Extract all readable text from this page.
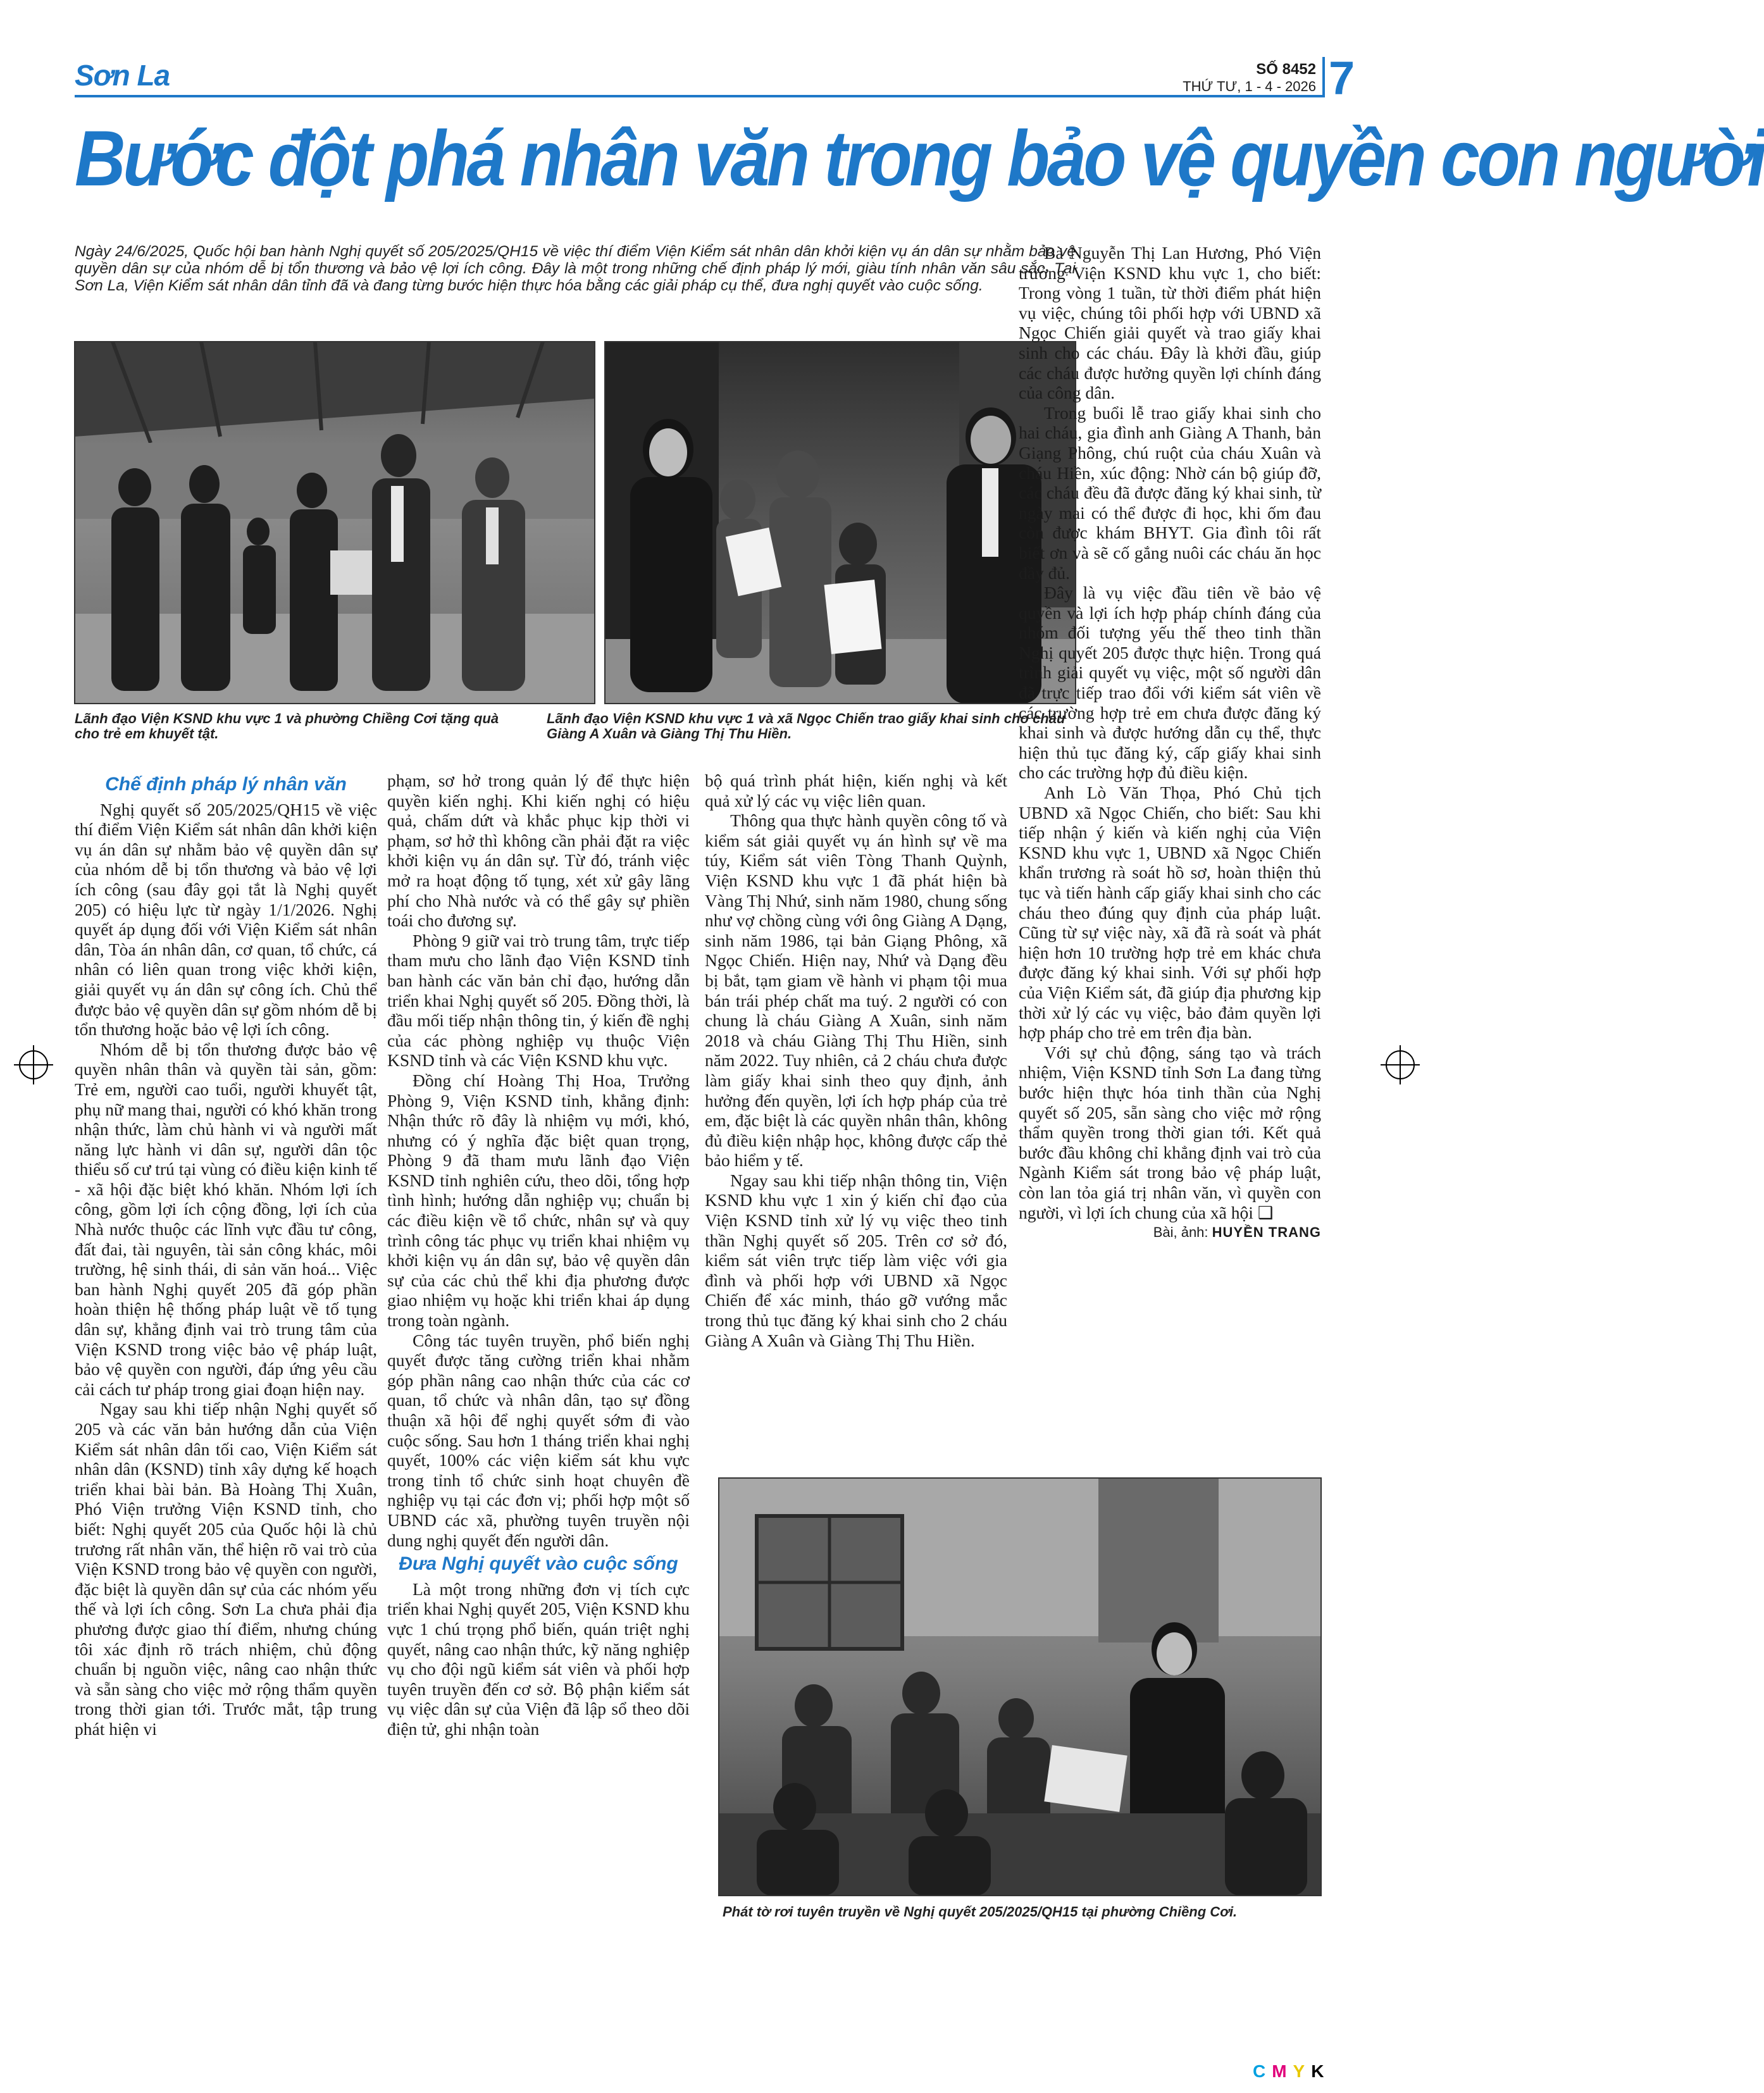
Sơn La	SỐ 8452
THỨ TƯ, 1 - 4 - 2026 7
Bước đột phá nhân văn trong bảo vệ quyền con người
Ngày 24/6/2025, Quốc hội ban hành Nghị quyết số 205/2025/QH15 về việc thí điểm Viện Kiểm sát nhân dân khởi kiện vụ án dân sự nhằm bảo vệ quyền dân sự của nhóm dễ bị tổn thương và bảo vệ lợi ích công. Đây là một trong những chế định pháp lý mới, giàu tính nhân văn sâu sắc. Tại Sơn La, Viện Kiểm sát nhân dân tỉnh đã và đang từng bước hiện thực hóa bằng các giải pháp cụ thể, đưa nghị quyết vào cuộc sống.
Lãnh đạo Viện KSND khu vực 1 và phường Chiềng Cơi tặng quà cho trẻ em khuyết tật.
Lãnh đạo Viện KSND khu vực 1 và xã Ngọc Chiến trao giấy khai sinh cho cháu Giàng A Xuân và Giàng Thị Thu Hiền.

Chế định pháp lý nhân văn

Nghị quyết số 205/2025/QH15 về việc thí điểm Viện Kiểm sát nhân dân khởi kiện vụ án dân sự nhằm bảo vệ quyền dân sự của nhóm dễ bị tổn thương và bảo vệ lợi ích công (sau đây gọi tắt là Nghị quyết 205) có hiệu lực từ ngày 1/1/2026. Nghị quyết áp dụng đối với Viện Kiểm sát nhân dân, Tòa án nhân dân, cơ quan, tổ chức, cá nhân có liên quan trong việc khởi kiện, giải quyết vụ án dân sự công ích. Chủ thể được bảo vệ quyền dân sự gồm nhóm dễ bị tổn thương hoặc bảo vệ lợi ích công.

Nhóm dễ bị tổn thương được bảo vệ quyền nhân thân và quyền tài sản, gồm: Trẻ em, người cao tuổi, người khuyết tật, phụ nữ mang thai, người có khó khăn trong nhận thức, làm chủ hành vi và người mất năng lực hành vi dân sự, người dân tộc thiểu số cư trú tại vùng có điều kiện kinh tế - xã hội đặc biệt khó khăn. Nhóm lợi ích công, gồm lợi ích cộng đồng, lợi ích của Nhà nước thuộc các lĩnh vực đầu tư công, đất đai, tài nguyên, tài sản công khác, môi trường, hệ sinh thái, di sản văn hoá... Việc ban hành Nghị quyết 205 đã góp phần hoàn thiện hệ thống pháp luật về tố tụng dân sự, khẳng định vai trò trung tâm của Viện KSND trong việc bảo vệ pháp luật, bảo vệ quyền con người, đáp ứng yêu cầu cải cách tư pháp trong giai đoạn hiện nay.

Ngay sau khi tiếp nhận Nghị quyết số 205 và các văn bản hướng dẫn của Viện Kiểm sát nhân dân tối cao, Viện Kiểm sát nhân dân (KSND) tỉnh xây dựng kế hoạch triển khai bài bản. Bà Hoàng Thị Xuân, Phó Viện trưởng Viện KSND tỉnh, cho biết: Nghị quyết 205 của Quốc hội là chủ trương rất nhân văn, thể hiện rõ vai trò của Viện KSND trong bảo vệ quyền con người, đặc biệt là quyền dân sự của các nhóm yếu thế và lợi ích công. Sơn La chưa phải địa phương được giao thí điểm, nhưng chúng tôi xác định rõ trách nhiệm, chủ động chuẩn bị nguồn việc, nâng cao nhận thức và sẵn sàng cho việc mở rộng thẩm quyền trong thời gian tới. Trước mắt, tập trung phát hiện vi

phạm, sơ hở trong quản lý để thực hiện quyền kiến nghị. Khi kiến nghị có hiệu quả, chấm dứt và khắc phục kịp thời vi phạm, sơ hở thì không cần phải đặt ra việc khởi kiện vụ án dân sự. Từ đó, tránh việc mở ra hoạt động tố tụng, xét xử gây lãng phí cho Nhà nước và có thể gây sự phiền toái cho đương sự.

Phòng 9 giữ vai trò trung tâm, trực tiếp tham mưu cho lãnh đạo Viện KSND tỉnh ban hành các văn bản chỉ đạo, hướng dẫn triển khai Nghị quyết số 205. Đồng thời, là đầu mối tiếp nhận thông tin, ý kiến đề nghị của các phòng nghiệp vụ thuộc Viện KSND tỉnh và các Viện KSND khu vực.

Đồng chí Hoàng Thị Hoa, Trưởng Phòng 9, Viện KSND tỉnh, khẳng định: Nhận thức rõ đây là nhiệm vụ mới, khó, nhưng có ý nghĩa đặc biệt quan trọng, Phòng 9 đã tham mưu lãnh đạo Viện KSND tỉnh nghiên cứu, theo dõi, tổng hợp tình hình; hướng dẫn nghiệp vụ; chuẩn bị các điều kiện về tổ chức, nhân sự và quy trình công tác phục vụ triển khai nhiệm vụ khởi kiện vụ án dân sự, bảo vệ quyền dân sự của các chủ thể khi địa phương được giao nhiệm vụ hoặc khi triển khai áp dụng trong toàn ngành.

Công tác tuyên truyền, phổ biến nghị quyết được tăng cường triển khai nhằm góp phần nâng cao nhận thức của các cơ quan, tổ chức và nhân dân, tạo sự đồng thuận xã hội để nghị quyết sớm đi vào cuộc sống. Sau hơn 1 tháng triển khai nghị quyết, 100% các viện kiểm sát khu vực trong tỉnh tổ chức sinh hoạt chuyên đề nghiệp vụ tại các đơn vị; phối hợp một số UBND các xã, phường tuyên truyền nội dung nghị quyết đến người dân.

Đưa Nghị quyết vào cuộc sống

Là một trong những đơn vị tích cực triển khai Nghị quyết 205, Viện KSND khu vực 1 chú trọng phổ biến, quán triệt nghị quyết, nâng cao nhận thức, kỹ năng nghiệp vụ cho đội ngũ kiểm sát viên và phối hợp tuyên truyền đến cơ sở. Bộ phận kiểm sát vụ việc dân sự của Viện đã lập sổ theo dõi điện tử, ghi nhận toàn

bộ quá trình phát hiện, kiến nghị và kết quả xử lý các vụ việc liên quan.

Thông qua thực hành quyền công tố và kiểm sát giải quyết vụ án hình sự về ma túy, Kiểm sát viên Tòng Thanh Quỳnh, Viện KSND khu vực 1 đã phát hiện bà Vàng Thị Nhứ, sinh năm 1980, chung sống như vợ chồng cùng với ông Giàng A Dạng, sinh năm 1986, tại bản Giạng Phông, xã Ngọc Chiến. Hiện nay, Nhứ và Dạng đều bị bắt, tạm giam về hành vi phạm tội mua bán trái phép chất ma tuý. 2 người có con chung là cháu Giàng A Xuân, sinh năm 2018 và cháu Giàng Thị Thu Hiền, sinh năm 2022. Tuy nhiên, cả 2 cháu chưa được làm giấy khai sinh theo quy định, ảnh hưởng đến quyền, lợi ích hợp pháp của trẻ em, đặc biệt là các quyền nhân thân, không đủ điều kiện nhập học, không được cấp thẻ bảo hiểm y tế.

Ngay sau khi tiếp nhận thông tin, Viện KSND khu vực 1 xin ý kiến chỉ đạo của Viện KSND tỉnh xử lý vụ việc theo tinh thần Nghị quyết số 205. Trên cơ sở đó, kiểm sát viên trực tiếp làm việc với gia đình và phối hợp với UBND xã Ngọc Chiến để xác minh, tháo gỡ vướng mắc trong thủ tục đăng ký khai sinh cho 2 cháu Giàng A Xuân và Giàng Thị Thu Hiền.

Bà Nguyễn Thị Lan Hương, Phó Viện trưởng Viện KSND khu vực 1, cho biết: Trong vòng 1 tuần, từ thời điểm phát hiện vụ việc, chúng tôi phối hợp với UBND xã Ngọc Chiến giải quyết và trao giấy khai sinh cho các cháu. Đây là khởi đầu, giúp các cháu được hưởng quyền lợi chính đáng của công dân.

Trong buổi lễ trao giấy khai sinh cho hai cháu, gia đình anh Giàng A Thanh, bản Giạng Phông, chú ruột của cháu Xuân và cháu Hiền, xúc động: Nhờ cán bộ giúp đỡ, các cháu đều đã được đăng ký khai sinh, từ ngày mai có thể được đi học, khi ốm đau còn được khám BHYT. Gia đình tôi rất biết ơn và sẽ cố gắng nuôi các cháu ăn học đầy đủ.

Đây là vụ việc đầu tiên về bảo vệ quyền và lợi ích hợp pháp chính đáng của nhóm đối tượng yếu thế theo tinh thần Nghị quyết 205 được thực hiện. Trong quá trình giải quyết vụ việc, một số người dân đã trực tiếp trao đổi với kiểm sát viên về các trường hợp trẻ em chưa được đăng ký khai sinh và được hướng dẫn cụ thể, thực hiện thủ tục đăng ký, cấp giấy khai sinh cho các trường hợp đủ điều kiện.

Anh Lò Văn Thọa, Phó Chủ tịch UBND xã Ngọc Chiến, cho biết: Sau khi tiếp nhận ý kiến và kiến nghị của Viện KSND khu vực 1, UBND xã Ngọc Chiến khẩn trương rà soát hồ sơ, hoàn thiện thủ tục và tiến hành cấp giấy khai sinh cho các cháu theo đúng quy định của pháp luật. Cũng từ sự việc này, xã đã rà soát và phát hiện hơn 10 trường hợp trẻ em khác chưa được đăng ký khai sinh. Với sự phối hợp của Viện Kiểm sát, đã giúp địa phương kịp thời xử lý các vụ việc, bảo đảm quyền lợi hợp pháp cho trẻ em trên địa bàn.

Với sự chủ động, sáng tạo và trách nhiệm, Viện KSND tỉnh Sơn La đang từng bước hiện thực hóa tinh thần của Nghị quyết số 205, sẵn sàng cho việc mở rộng thẩm quyền trong thời gian tới. Kết quả bước đầu không chỉ khẳng định vai trò của Ngành Kiểm sát trong bảo vệ pháp luật, còn lan tỏa giá trị nhân văn, vì quyền con người, vì lợi ích chung của xã hội ❑

Bài, ảnh: HUYỀN TRANG
Phát tờ rơi tuyên truyền về Nghị quyết 205/2025/QH15 tại phường Chiềng Cơi.
CMYK
